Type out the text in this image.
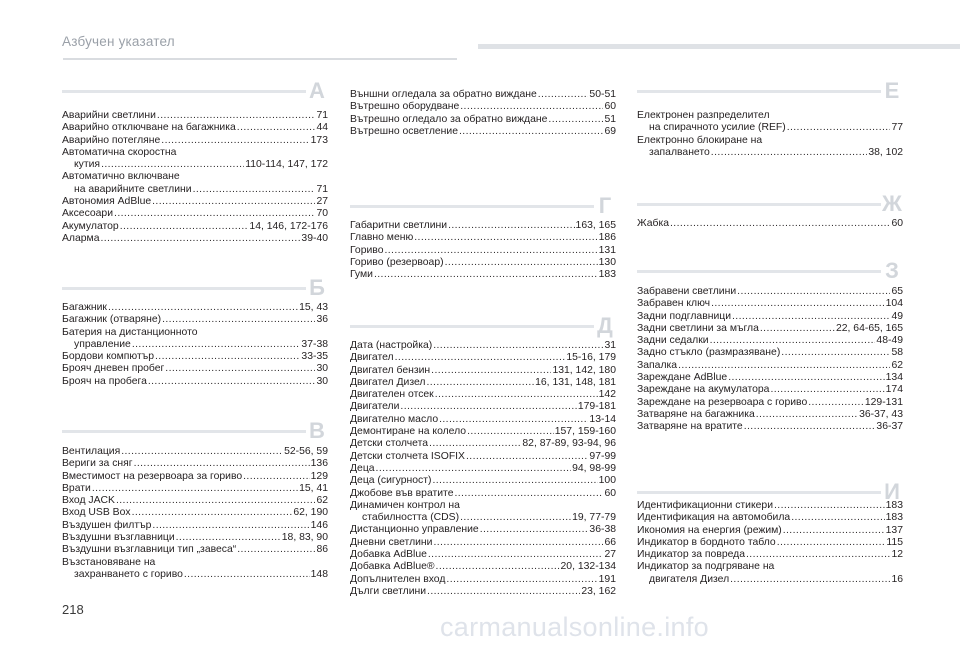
Азбучен указател
А
Аварийни светлини .....	71
Аварийно отключване на багажника .....	44
Аварийно потегляне .....	173
Автоматична скоростна
кутия .....	110-114, 147, 172
Автоматично включване
на аварийните светлини .....	71
Автономия AdBlue .....	27
Аксесоари .....	70
Акумулатор .....	14, 146, 172-176
Аларма .....	39-40
Б
Багажник .....	15, 43
Багажник (отваряне) .....	36
Батерия на дистанционното
управление .....	37-38
Бордови компютър .....	33-35
Брояч дневен пробег .....	30
Брояч на пробега .....	30
В
Вентилация .....	52-56, 59
Вериги за сняг .....	136
Вместимост на резервоара за гориво .....	129
Врати .....	15, 41
Вход JACK .....	62
Вход USB Box .....	62, 190
Въздушен филтър .....	146
Въздушни възглавници .....	18, 83, 90
Въздушни възглавници тип „завеса“ .....	86
Възстановяване на
захранването с гориво .....	148
Външни огледала за обратно виждане .....	50-51
Вътрешно оборудване .....	60
Вътрешно огледало за обратно виждане .....	51
Вътрешно осветление .....	69
Г
Габаритни светлини .....	163, 165
Главно меню .....	186
Гориво .....	131
Гориво (резервоар) .....	130
Гуми .....	183
Д
Дата (настройка) .....	31
Двигател .....	15-16, 179
Двигател бензин .....	131, 142, 180
Двигател Дизел .....	16, 131, 148, 181
Двигателен отсек .....	142
Двигатели .....	179-181
Двигателно масло .....	13-14
Демонтиране на колело .....	157, 159-160
Детски столчета .....	82, 87-89, 93-94, 96
Детски столчета ISOFIX .....	97-99
Деца .....	94, 98-99
Деца (сигурност) .....	100
Джобове във вратите .....	60
Динамичен контрол на
стабилността (CDS) .....	19, 77-79
Дистанционно управление .....	36-38
Дневни светлини .....	66
Добавка AdBlue .....	27
Добавка AdBlue® .....	20, 132-134
Допълнителен вход .....	191
Дълги светлини .....	23, 162
Е
Електронен разпределител
на спирачното усилие (REF) .....	77
Електронно блокиране на
запалването .....	38, 102
Ж
Жабка .....	60
З
Забравени светлини .....	65
Забравен ключ .....	104
Задни подглавници .....	49
Задни светлини за мъгла .....	22, 64-65, 165
Задни седалки .....	48-49
Задно стъкло (размразяване) .....	58
Запалка .....	62
Зареждане AdBlue .....	134
Зареждане на акумулатора .....	174
Зареждане на резервоара с гориво .....	129-131
Затваряне на багажника .....	36-37, 43
Затваряне на вратите .....	36-37
И
Идентификационни стикери .....	183
Идентификация на автомобила .....	183
Икономия на енергия (режим) .....	137
Индикатор в бордното табло .....	115
Индикатор за повреда .....	12
Индикатор за подгряване на
двигателя Дизел .....	16
218
carmanualsonline.info
